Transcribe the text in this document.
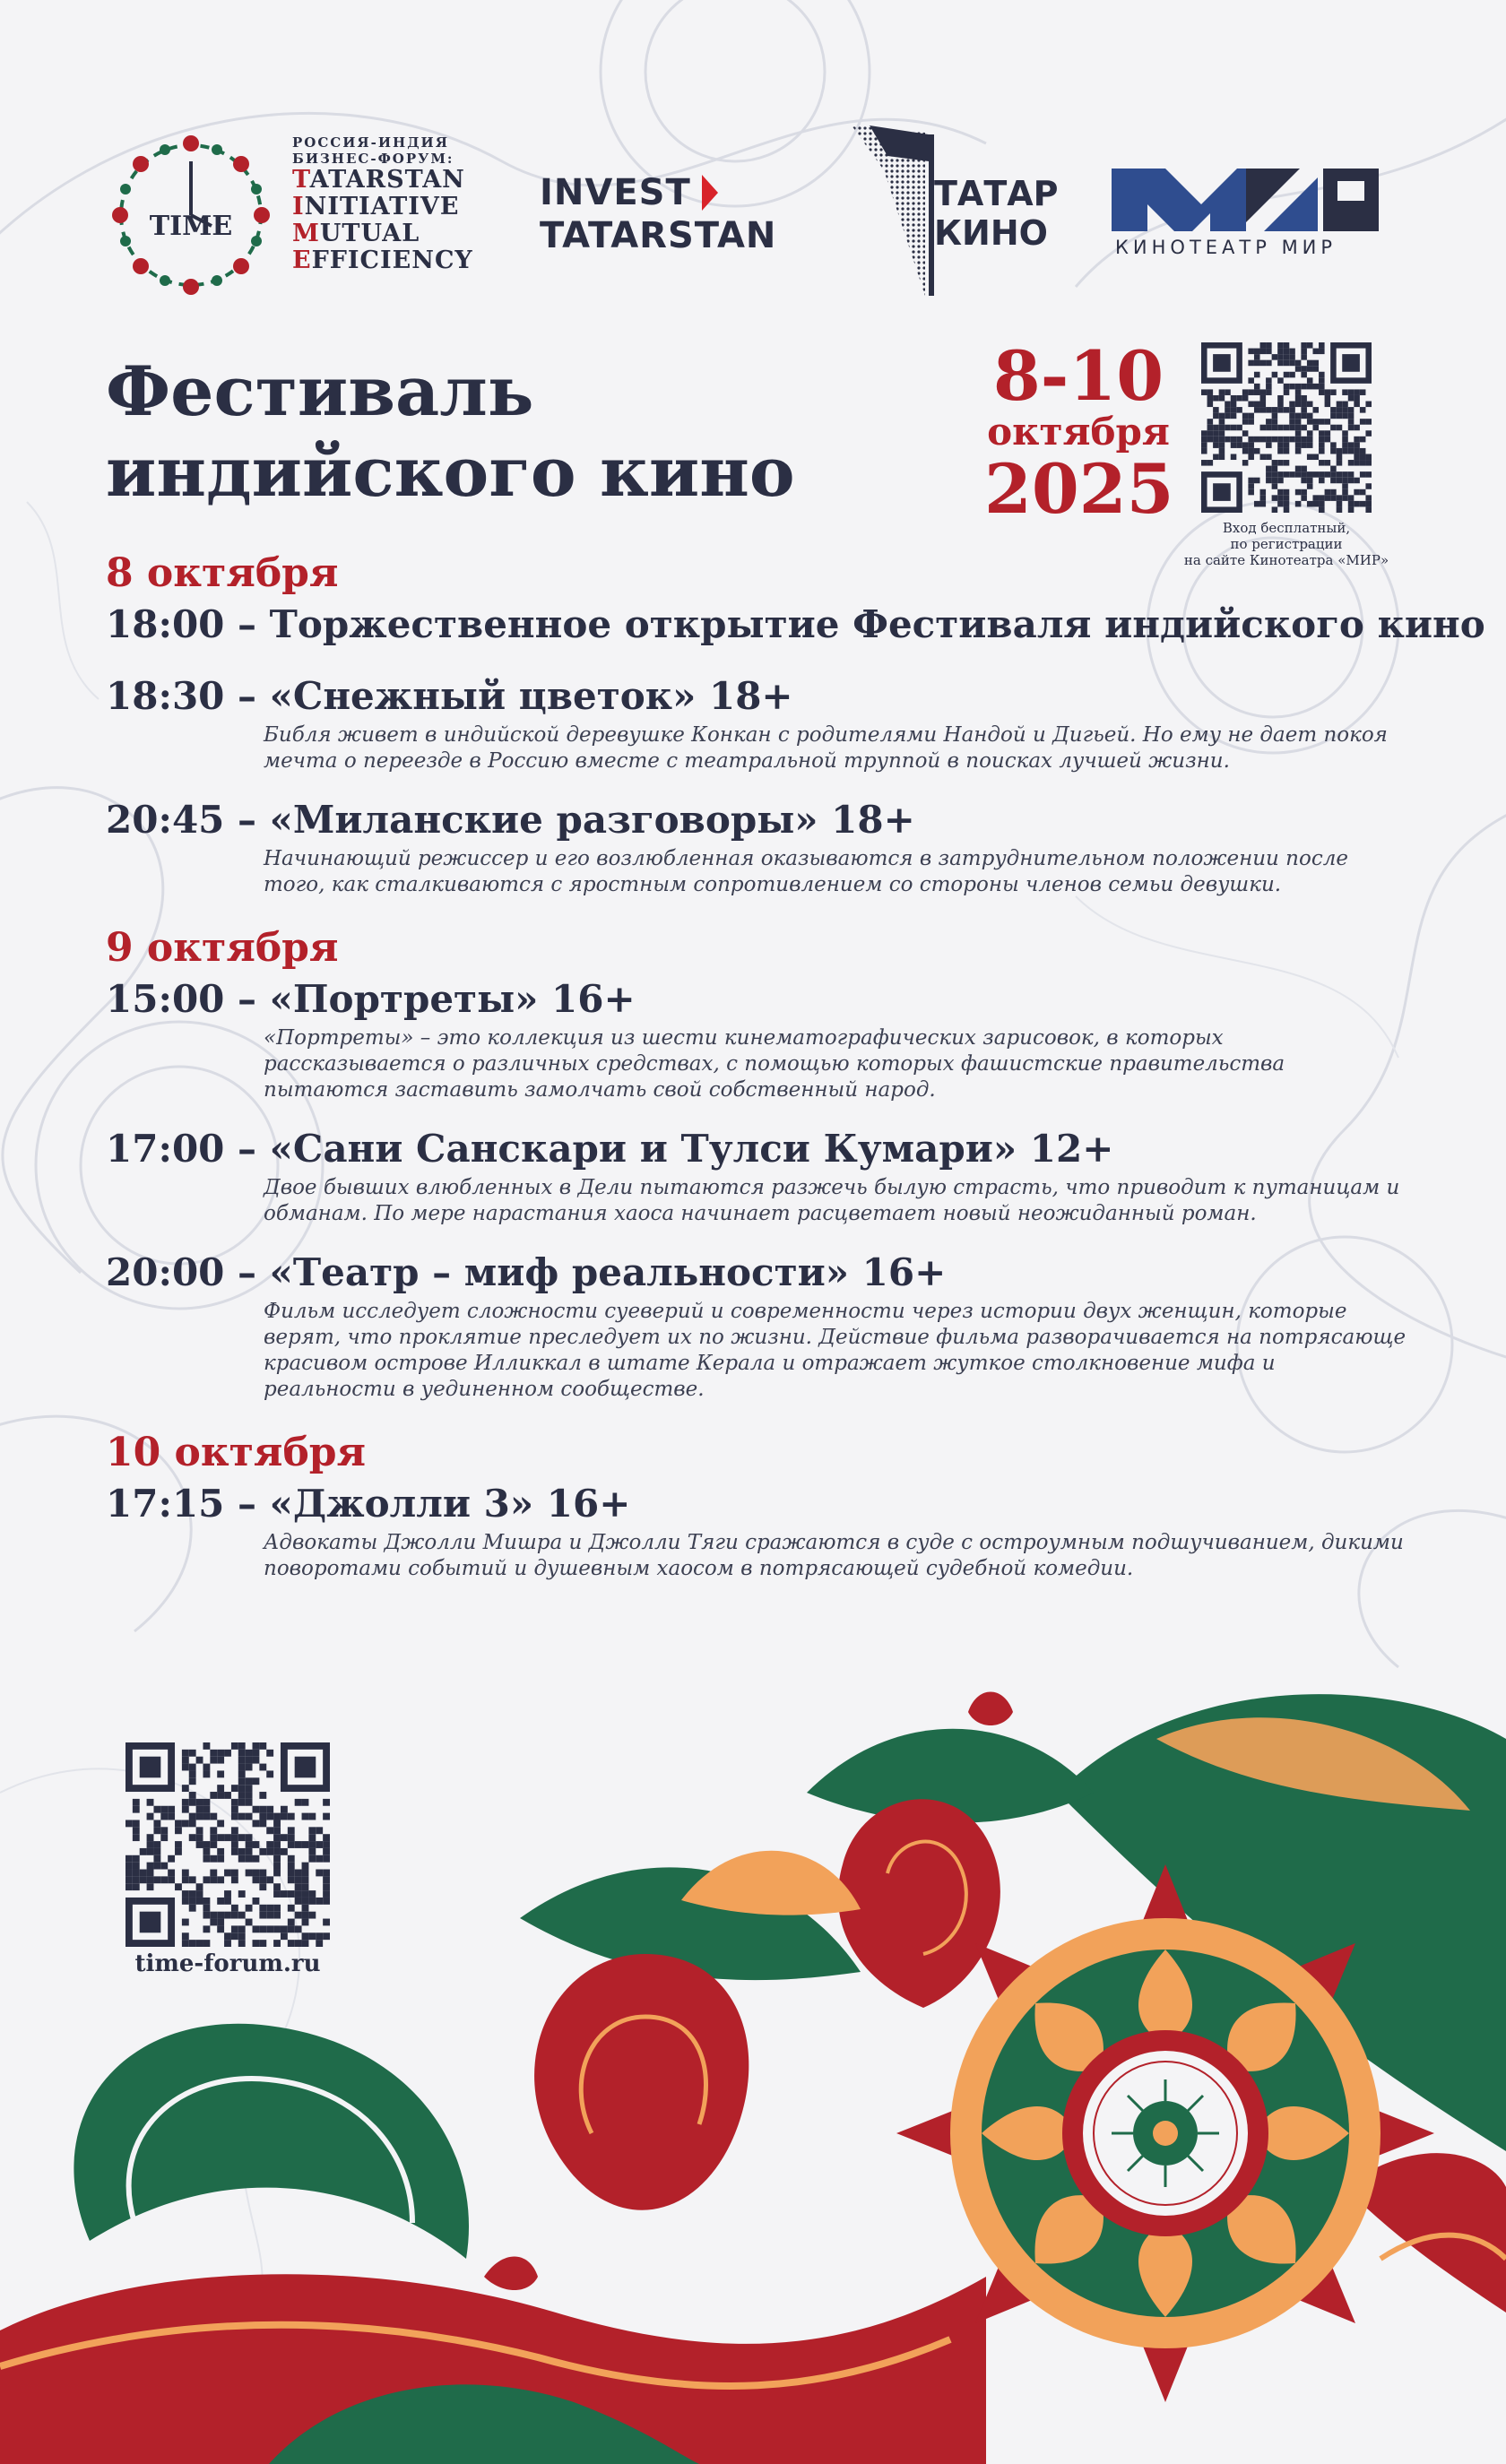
TIME
РОССИЯ-ИНДИЯ
БИЗНЕС-ФОРУМ:
TATARSTAN
INITIATIVE
MUTUAL
EFFICIENCY
INVEST
TATARSTAN
ТАТАР
КИНО	КИНОТЕАТР МИР
Фестиваль
индийского кино
8-10
октября
2025	Вход бесплатный,
по регистрации
на сайте Кинотеатра «МИР»
8 октября
18:00 – Торжественное открытие Фестиваля индийского кино
18:30 – «Снежный цветок» 18+
Библя живет в индийской деревушке Конкан с родителями Нандой и Дигьей. Но ему не дает покоя мечта о переезде в Россию вместе с театральной труппой в поисках лучшей жизни.
20:45 – «Миланские разговоры» 18+
Начинающий режиссер и его возлюбленная оказываются в затруднительном положении после того, как сталкиваются с яростным сопротивлением со стороны членов семьи девушки.
9 октября
15:00 – «Портреты» 16+
«Портреты» – это коллекция из шести кинематографических зарисовок, в которых рассказывается о различных средствах, с помощью которых фашистские правительства пытаются заставить замолчать свой собственный народ.
17:00 – «Сани Санскари и Тулси Кумари» 12+
Двое бывших влюбленных в Дели пытаются разжечь былую страсть, что приводит к путаницам и обманам. По мере нарастания хаоса начинает расцветает новый неожиданный роман.
20:00 – «Театр – миф реальности» 16+
Фильм исследует сложности суеверий и современности через истории двух женщин, которые верят, что проклятие преследует их по жизни. Действие фильма разворачивается на потрясающе красивом острове Илликкал в штате Керала и отражает жуткое столкновение мифа и реальности в уединенном сообществе.
10 октября
17:15 – «Джолли 3» 16+
Адвокаты Джолли Мишра и Джолли Тяги сражаются в суде с остроумным подшучиванием, дикими поворотами событий и душевным хаосом в потрясающей судебной комедии.
time-forum.ru
